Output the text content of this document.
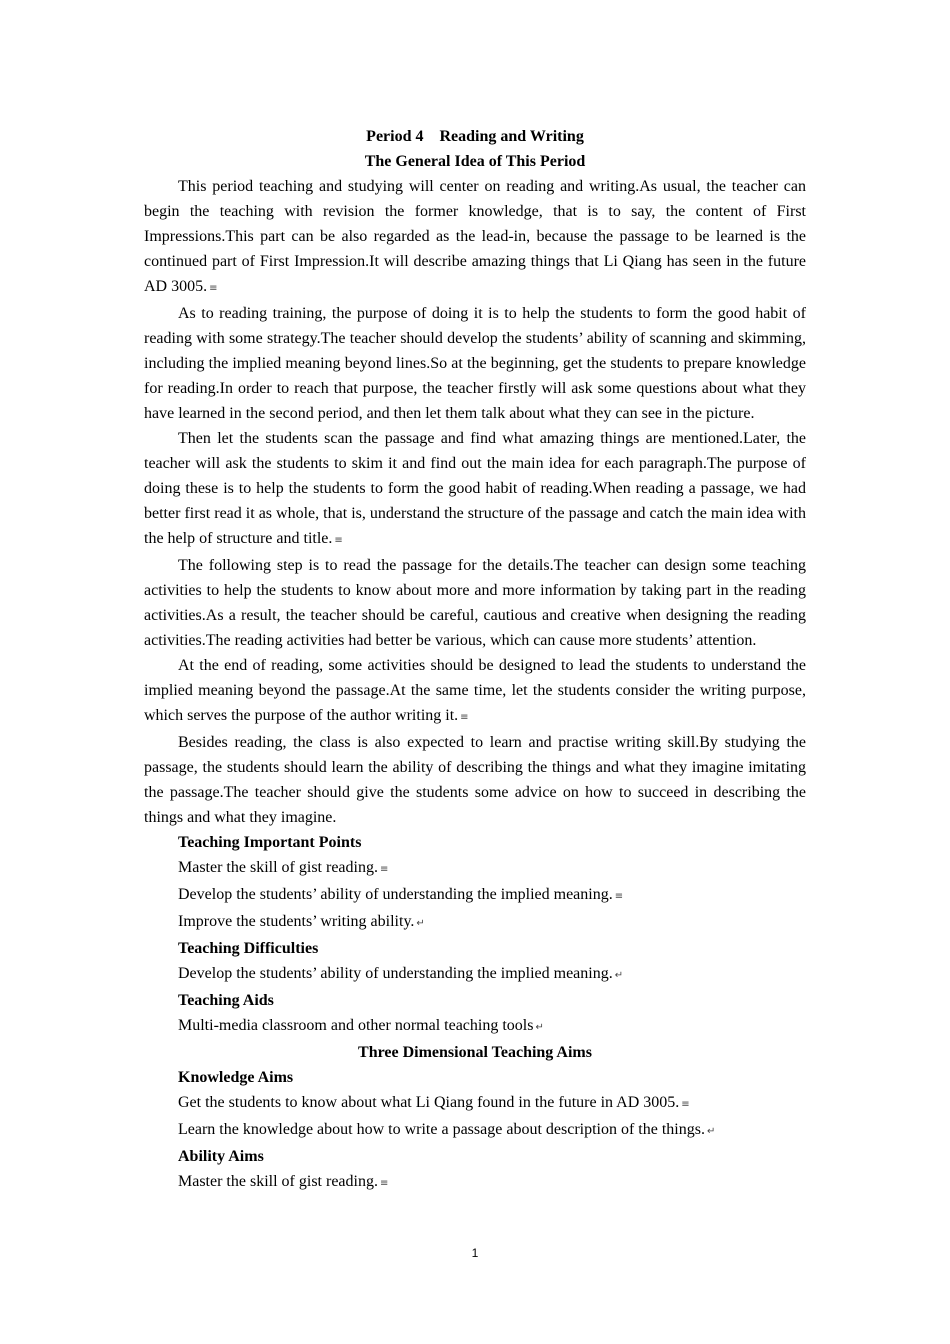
Period 4 Reading and Writing

The General Idea of This Period

This period teaching and studying will center on reading and writing.As usual, the teacher can begin the teaching with revision the former knowledge, that is to say, the content of First Impressions.This part can be also regarded as the lead-in, because the passage to be learned is the continued part of First Impression.It will describe amazing things that Li Qiang has seen in the future AD 3005. ≡

As to reading training, the purpose of doing it is to help the students to form the good habit of reading with some strategy.The teacher should develop the students’ ability of scanning and skimming, including the implied meaning beyond lines.So at the beginning, get the students to prepare knowledge for reading.In order to reach that purpose, the teacher firstly will ask some questions about what they have learned in the second period, and then let them talk about what they can see in the picture.

Then let the students scan the passage and find what amazing things are mentioned.Later, the teacher will ask the students to skim it and find out the main idea for each paragraph.The purpose of doing these is to help the students to form the good habit of reading.When reading a passage, we had better first read it as whole, that is, understand the structure of the passage and catch the main idea with the help of structure and title. ≡

The following step is to read the passage for the details.The teacher can design some teaching activities to help the students to know about more and more information by taking part in the reading activities.As a result, the teacher should be careful, cautious and creative when designing the reading activities.The reading activities had better be various, which can cause more students’ attention.

At the end of reading, some activities should be designed to lead the students to understand the implied meaning beyond the passage.At the same time, let the students consider the writing purpose, which serves the purpose of the author writing it. ≡

Besides reading, the class is also expected to learn and practise writing skill.By studying the passage, the students should learn the ability of describing the things and what they imagine imitating the passage.The teacher should give the students some advice on how to succeed in describing the things and what they imagine.

Teaching Important Points

Master the skill of gist reading. ≡

Develop the students’ ability of understanding the implied meaning. ≡

Improve the students’ writing ability. ↵

Teaching Difficulties

Develop the students’ ability of understanding the implied meaning. ↵

Teaching Aids

Multi-media classroom and other normal teaching tools ↵

Three Dimensional Teaching Aims

Knowledge Aims

Get the students to know about what Li Qiang found in the future in AD 3005. ≡

Learn the knowledge about how to write a passage about description of the things. ↵

Ability Aims

Master the skill of gist reading. ≡

1
